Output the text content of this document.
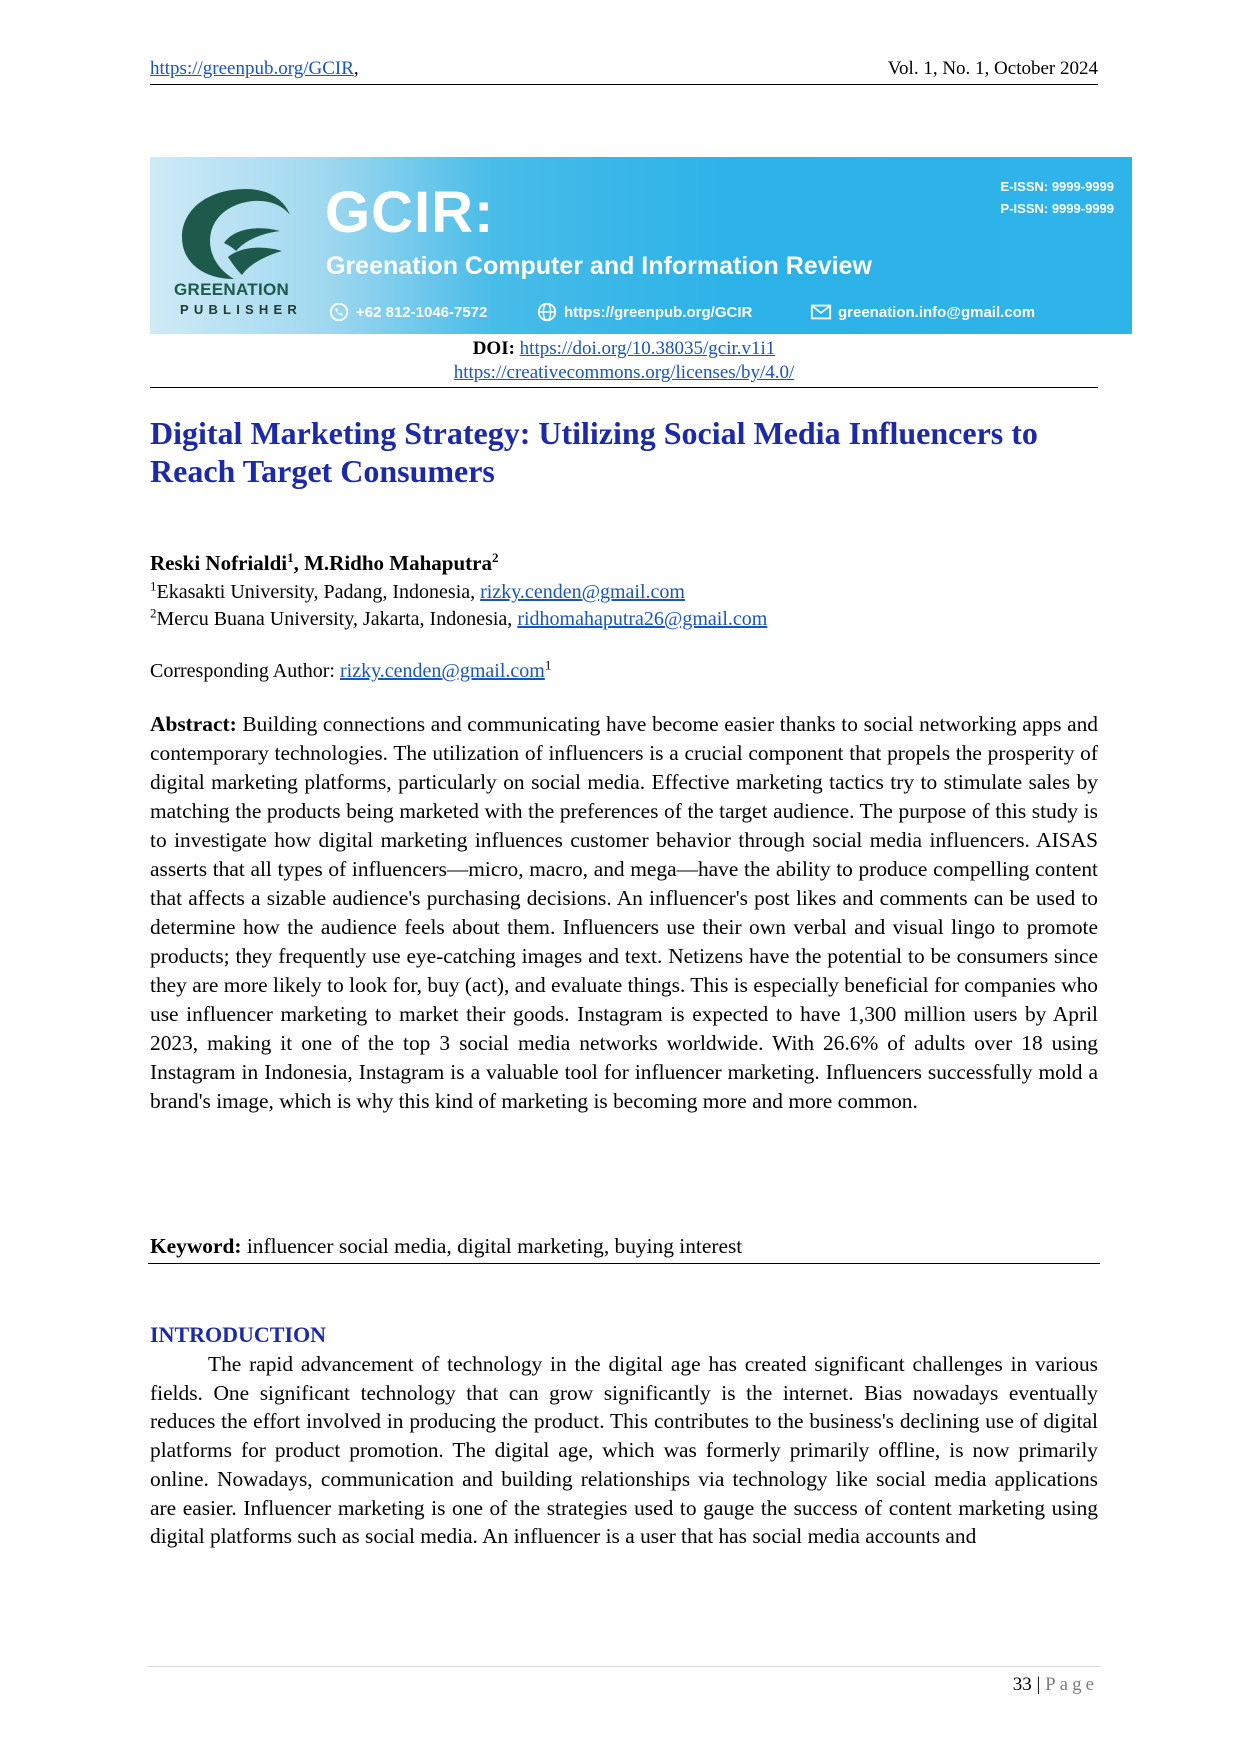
https://greenpub.org/GCIR,	Vol. 1, No. 1, October 2024
GREENATION
PUBLISHER
GCIR:
Greenation Computer and Information Review
E-ISSN: 9999-9999
P-ISSN: 9999-9999
+62 812-1046-7572	https://greenpub.org/GCIR	greenation.info@gmail.com
DOI: https://doi.org/10.38035/gcir.v1i1
https://creativecommons.org/licenses/by/4.0/
Digital Marketing Strategy: Utilizing Social Media Influencers to
Reach Target Consumers
Reski Nofrialdi$^1$, M.Ridho Mahaputra$^2$
$^1$Ekasakti University, Padang, Indonesia, rizky.cenden@gmail.com
$^2$Mercu Buana University, Jakarta, Indonesia, ridhomahaputra26@gmail.com
Corresponding Author: rizky.cenden@gmail.com$^1$

Abstract: Building connections and communicating have become easier thanks to social networking apps and contemporary technologies. The utilization of influencers is a crucial component that propels the prosperity of digital marketing platforms, particularly on social media. Effective marketing tactics try to stimulate sales by matching the products being marketed with the preferences of the target audience. The purpose of this study is to investigate how digital marketing influences customer behavior through social media influencers. AISAS asserts that all types of influencers—micro, macro, and mega—have the ability to produce compelling content that affects a sizable audience's purchasing decisions. An influencer's post likes and comments can be used to determine how the audience feels about them. Influencers use their own verbal and visual lingo to promote products; they frequently use eye-catching images and text. Netizens have the potential to be consumers since they are more likely to look for, buy (act), and evaluate things. This is especially beneficial for companies who use influencer marketing to market their goods. Instagram is expected to have 1,300 million users by April 2023, making it one of the top 3 social media networks worldwide. With 26.6% of adults over 18 using Instagram in Indonesia, Instagram is a valuable tool for influencer marketing. Influencers successfully mold a brand's image, which is why this kind of marketing is becoming more and more common.

Keyword: influencer social media, digital marketing, buying interest
INTRODUCTION

The rapid advancement of technology in the digital age has created significant challenges in various fields. One significant technology that can grow significantly is the internet. Bias nowadays eventually reduces the effort involved in producing the product. This contributes to the business's declining use of digital platforms for product promotion. The digital age, which was formerly primarily offline, is now primarily online. Nowadays, communication and building relationships via technology like social media applications are easier. Influencer marketing is one of the strategies used to gauge the success of content marketing using digital platforms such as social media. An influencer is a user that has social media accounts and

33 | Page
